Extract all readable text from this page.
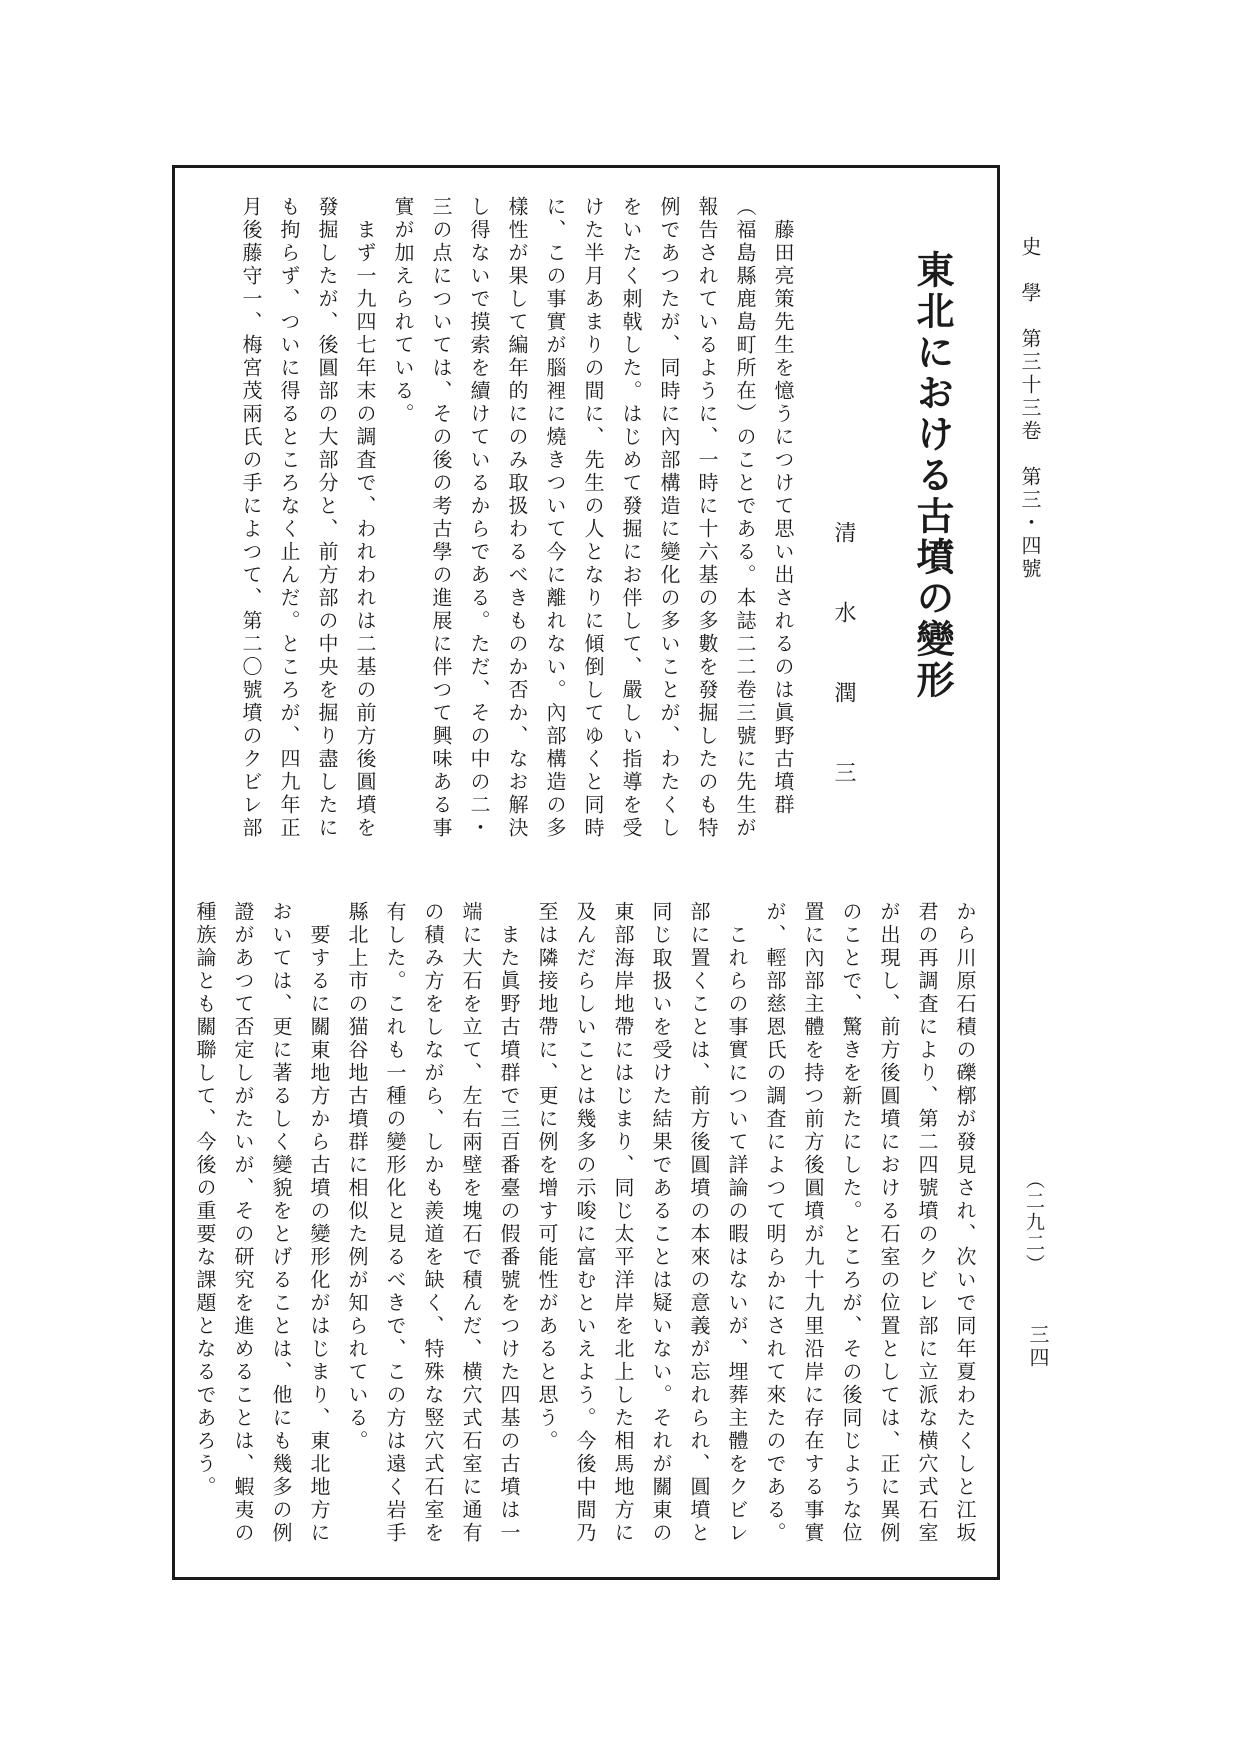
史　學　第三十三卷　第三・四號
（二九二）
三四
東北における古墳の變形
清水潤三
　藤田亮策先生を憶うにつけて思い出されるのは眞野古墳群
（福島縣鹿島町所在）のことである。本誌二二卷三號に先生が
報告されているように、一時に十六基の多數を發掘したのも特
例であつたが、同時に內部構造に變化の多いことが、わたくし
をいたく刺戟した。はじめて發掘にお伴して、嚴しい指導を受
けた半月あまりの間に、先生の人となりに傾倒してゆくと同時
に、この事實が腦裡に燒きついて今に離れない。內部構造の多
樣性が果して編年的にのみ取扱わるべきものか否か、なお解決
し得ないで摸索を續けているからである。ただ、その中の二・
三の点については、その後の考古學の進展に伴つて興味ある事
實が加えられている。
　まず一九四七年末の調査で、われわれは二基の前方後圓墳を
發掘したが、後圓部の大部分と、前方部の中央を掘り盡したに
も拘らず、ついに得るところなく止んだ。ところが、四九年正
月後藤守一、梅宮茂兩氏の手によつて、第二〇號墳のクビレ部
から川原石積の礫槨が發見され、次いで同年夏わたくしと江坂
君の再調査により、第二四號墳のクビレ部に立派な横穴式石室
が出現し、前方後圓墳における石室の位置としては、正に異例
のことで、驚きを新たにした。ところが、その後同じような位
置に內部主體を持つ前方後圓墳が九十九里沿岸に存在する事實
が、輕部慈恩氏の調査によつて明らかにされて來たのである。
　これらの事實について詳論の暇はないが、埋葬主體をクビレ
部に置くことは、前方後圓墳の本來の意義が忘れられ、圓墳と
同じ取扱いを受けた結果であることは疑いない。それが關東の
東部海岸地帶にはじまり、同じ太平洋岸を北上した相馬地方に
及んだらしいことは幾多の示唆に富むといえよう。今後中間乃
至は隣接地帶に、更に例を增す可能性があると思う。
　また眞野古墳群で三百番臺の假番號をつけた四基の古墳は一
端に大石を立て、左右兩壁を塊石で積んだ、横穴式石室に通有
の積み方をしながら、しかも羨道を缺く、特殊な竪穴式石室を
有した。これも一種の變形化と見るべきで、この方は遠く岩手
縣北上市の猫谷地古墳群に相似た例が知られている。
　要するに關東地方から古墳の變形化がはじまり、東北地方に
おいては、更に著るしく變貌をとげることは、他にも幾多の例
證があつて否定しがたいが、その研究を進めることは、蝦夷の
種族論とも關聯して、今後の重要な課題となるであろう。
